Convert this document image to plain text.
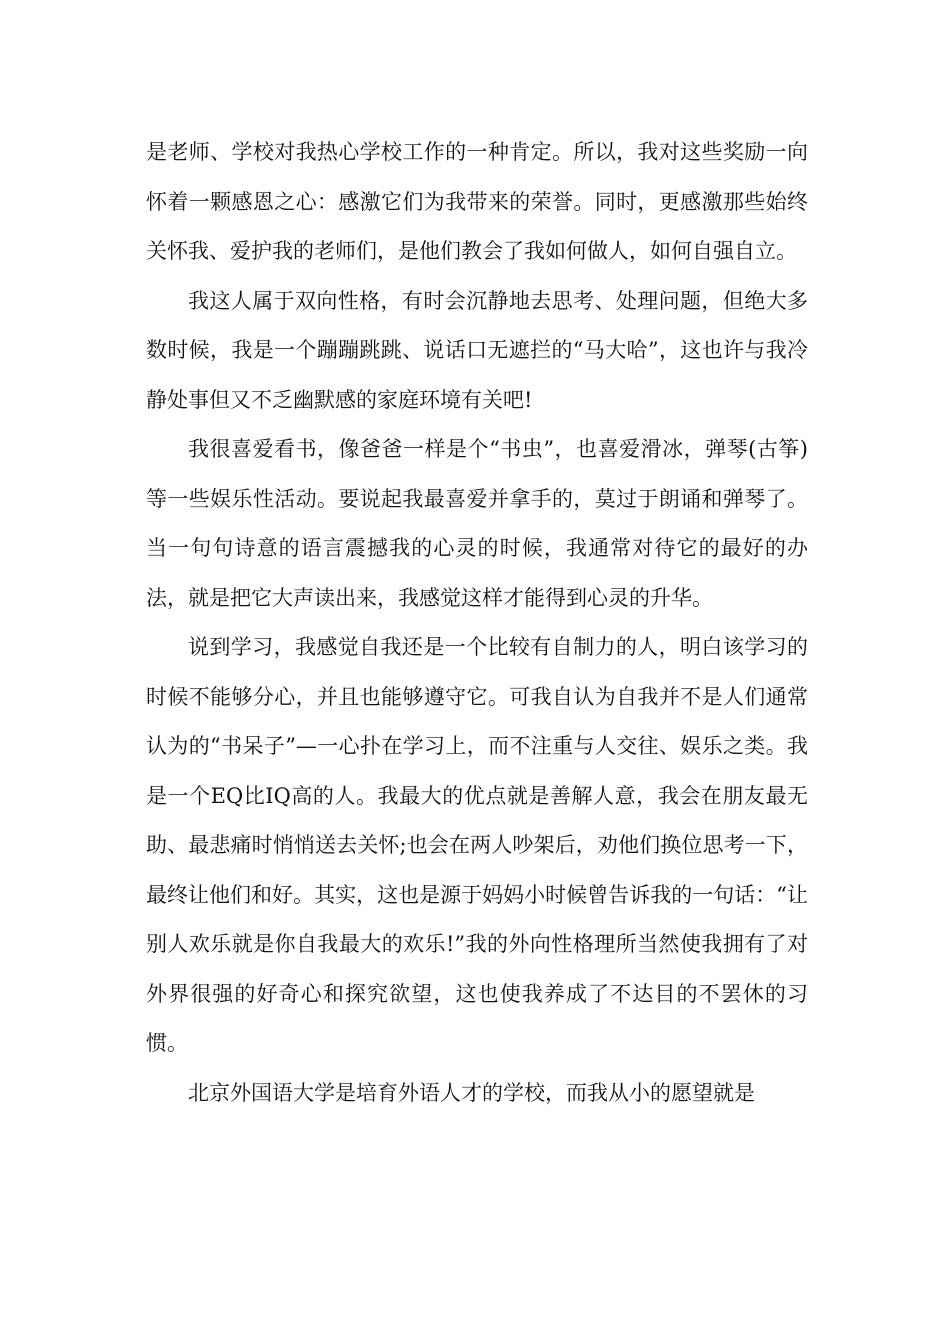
是老师、学校对我热心学校工作的一种肯定。所以，我对这些奖励一向怀着一颗感恩之心：感激它们为我带来的荣誉。同时，更感激那些始终关怀我、爱护我的老师们，是他们教会了我如何做人，如何自强自立。

我这人属于双向性格，有时会沉静地去思考、处理问题，但绝大多数时候，我是一个蹦蹦跳跳、说话口无遮拦的“马大哈”，这也许与我冷静处事但又不乏幽默感的家庭环境有关吧!

我很喜爱看书，像爸爸一样是个“书虫”，也喜爱滑冰，弹琴(古筝)等一些娱乐性活动。要说起我最喜爱并拿手的，莫过于朗诵和弹琴了。当一句句诗意的语言震撼我的心灵的时候，我通常对待它的最好的办法，就是把它大声读出来，我感觉这样才能得到心灵的升华。

说到学习，我感觉自我还是一个比较有自制力的人，明白该学习的时候不能够分心，并且也能够遵守它。可我自认为自我并不是人们通常认为的“书呆子”—一心扑在学习上，而不注重与人交往、娱乐之类。我是一个EQ比IQ高的人。我最大的优点就是善解人意，我会在朋友最无助、最悲痛时悄悄送去关怀;也会在两人吵架后，劝他们换位思考一下，最终让他们和好。其实，这也是源于妈妈小时候曾告诉我的一句话：“让别人欢乐就是你自我最大的欢乐!”我的外向性格理所当然使我拥有了对外界很强的好奇心和探究欲望，这也使我养成了不达目的不罢休的习惯。

北京外国语大学是培育外语人才的学校，而我从小的愿望就是
